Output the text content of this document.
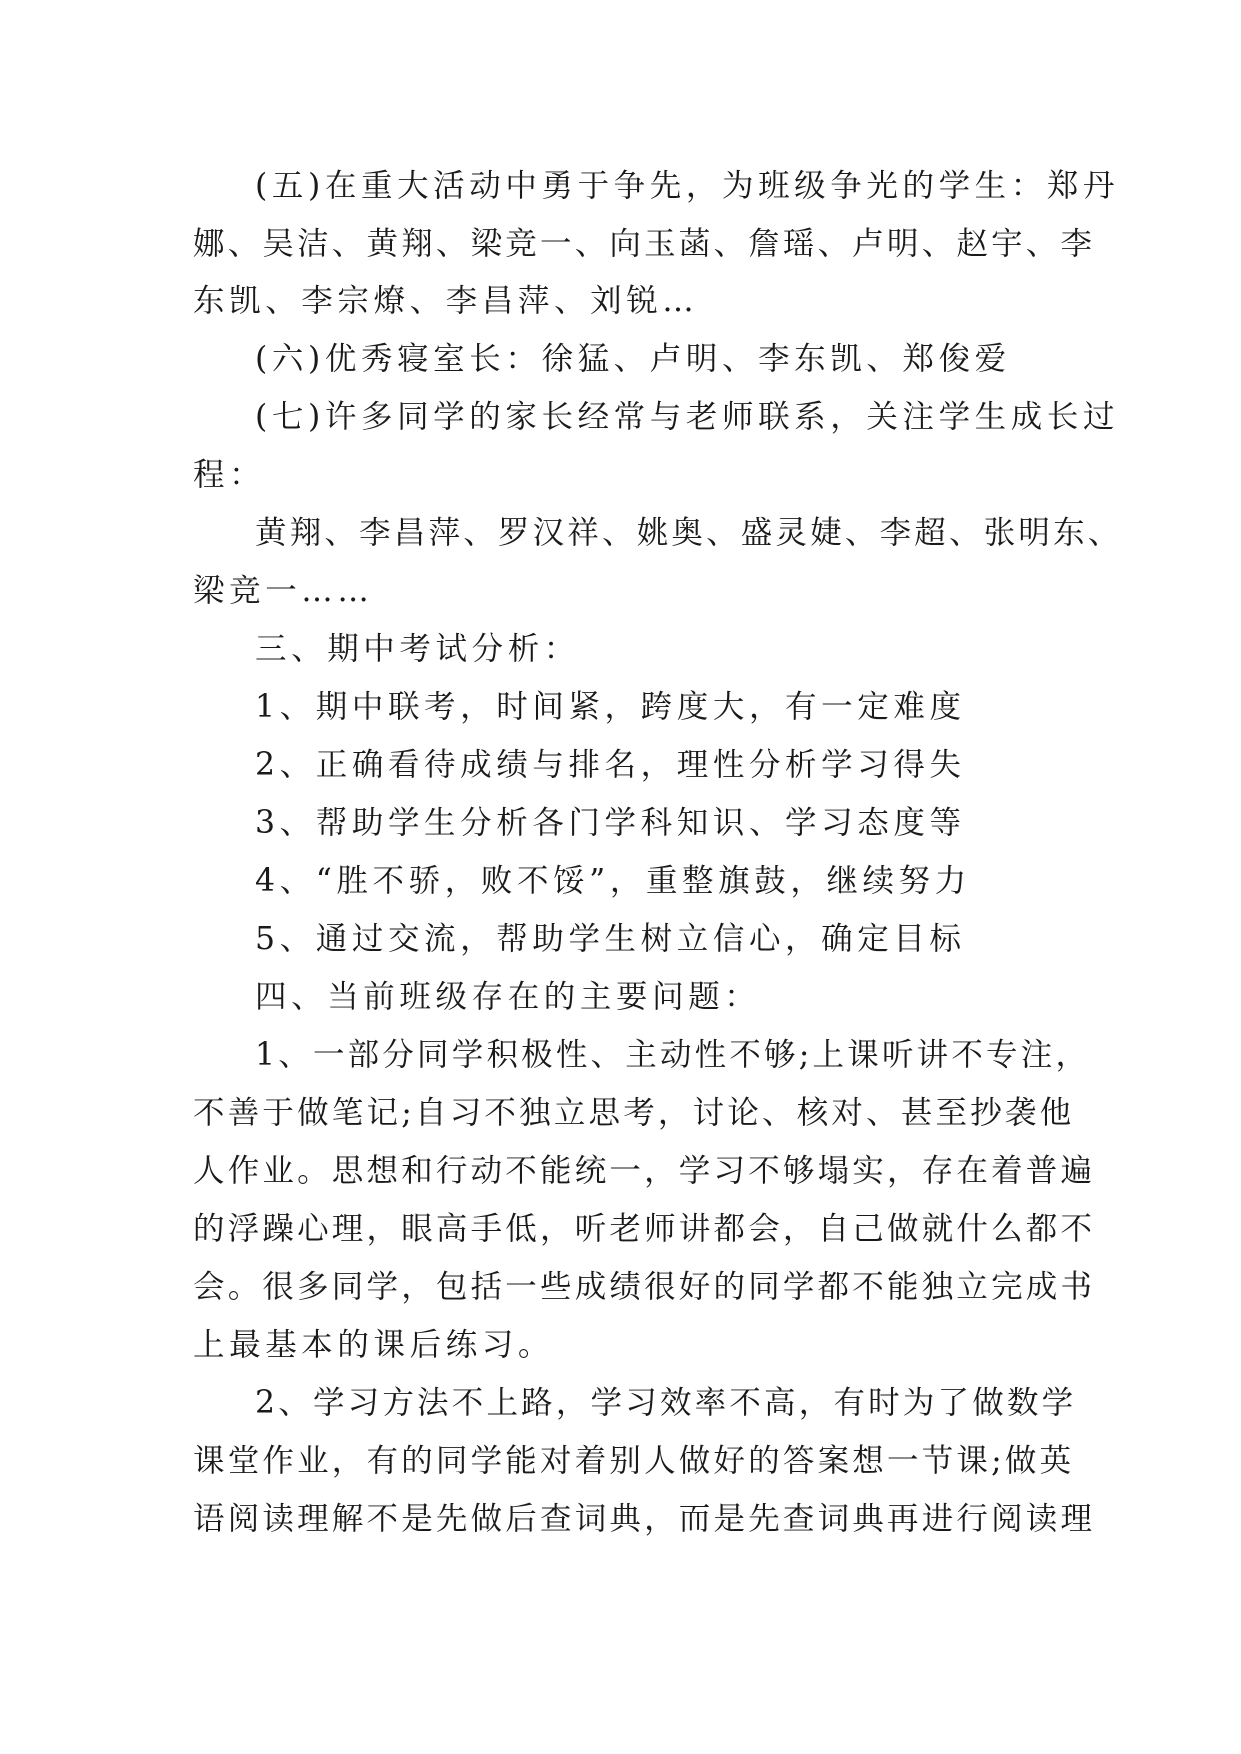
(五)在重大活动中勇于争先，为班级争光的学生：郑丹
娜、吴洁、黄翔、梁竞一、向玉菡、詹瑶、卢明、赵宇、李
东凯、李宗燎、李昌萍、刘锐…
(六)优秀寝室长：徐猛、卢明、李东凯、郑俊爱
(七)许多同学的家长经常与老师联系，关注学生成长过
程：
黄翔、李昌萍、罗汉祥、姚奥、盛灵婕、李超、张明东、
梁竞一……
三、期中考试分析：
1、期中联考，时间紧，跨度大，有一定难度
2、正确看待成绩与排名，理性分析学习得失
3、帮助学生分析各门学科知识、学习态度等
4、“胜不骄，败不馁”，重整旗鼓，继续努力
5、通过交流，帮助学生树立信心，确定目标
四、当前班级存在的主要问题：
1、一部分同学积极性、主动性不够;上课听讲不专注，
不善于做笔记;自习不独立思考，讨论、核对、甚至抄袭他
人作业。思想和行动不能统一，学习不够塌实，存在着普遍
的浮躁心理，眼高手低，听老师讲都会，自己做就什么都不
会。很多同学，包括一些成绩很好的同学都不能独立完成书
上最基本的课后练习。
2、学习方法不上路，学习效率不高，有时为了做数学
课堂作业，有的同学能对着别人做好的答案想一节课;做英
语阅读理解不是先做后查词典，而是先查词典再进行阅读理
